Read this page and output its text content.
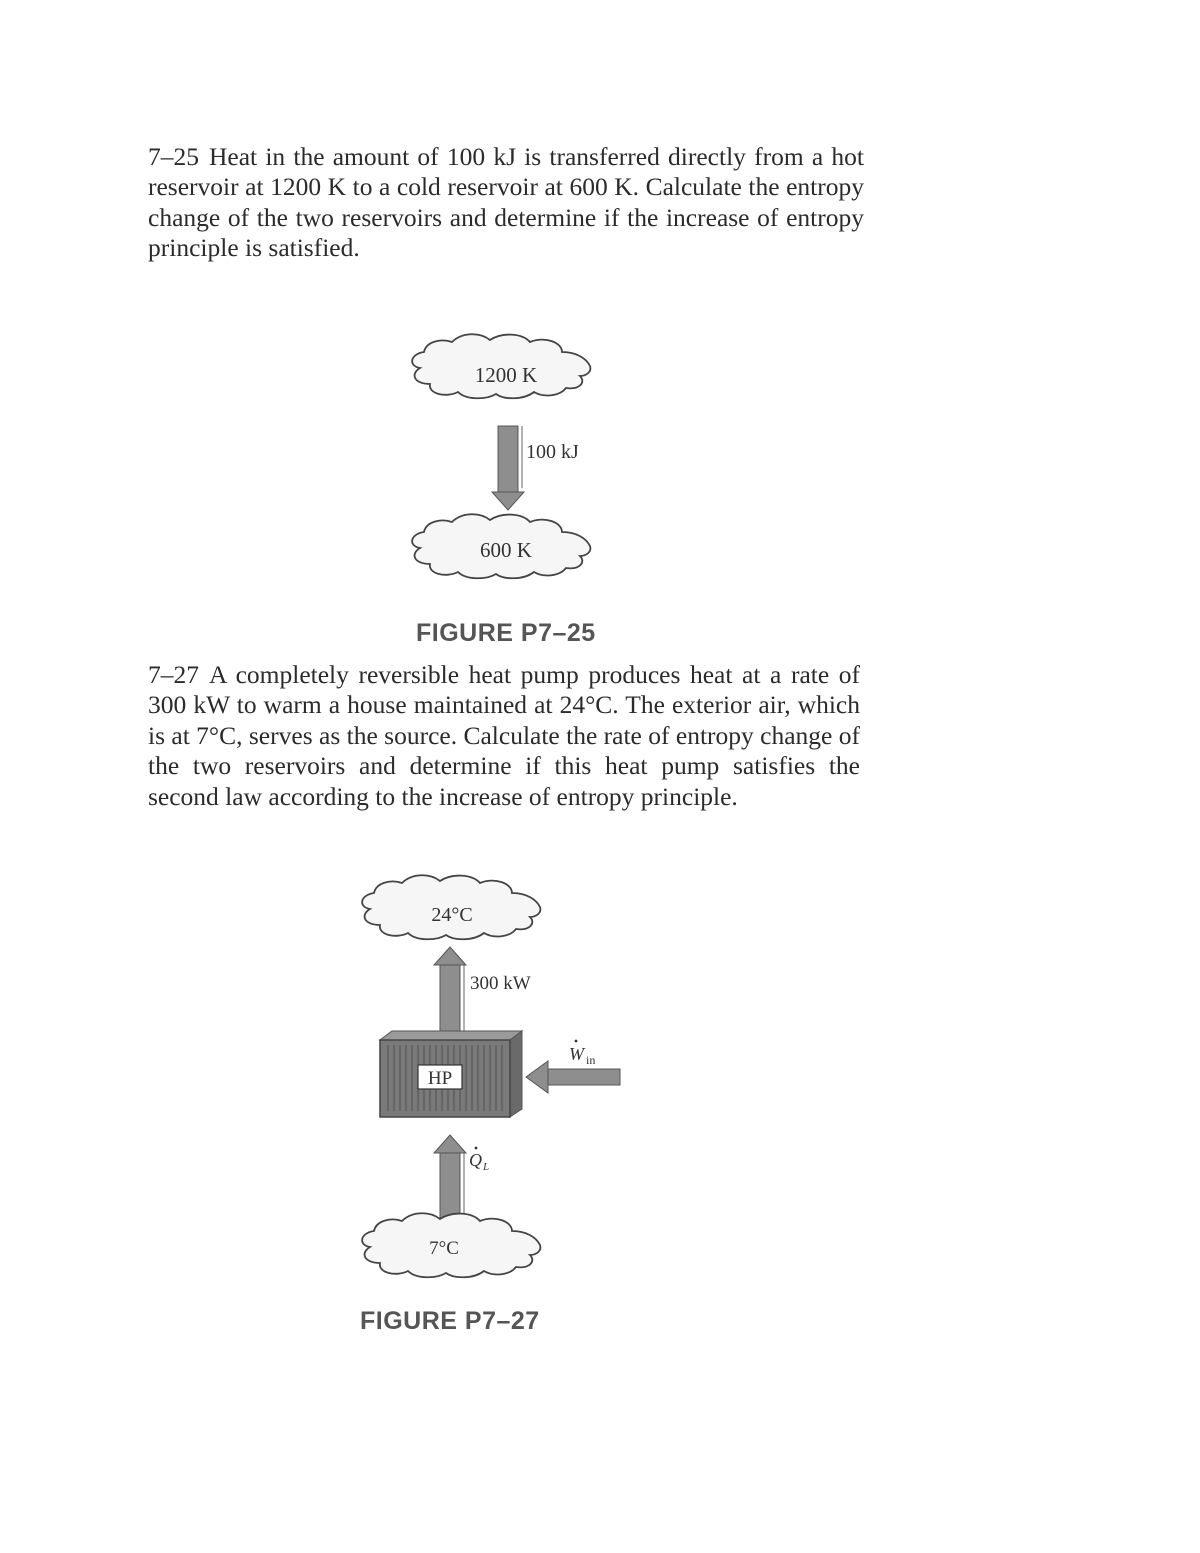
7–25 Heat in the amount of 100 kJ is transferred directly from a hot reservoir at 1200 K to a cold reservoir at 600 K. Calculate the entropy change of the two reservoirs and determine if the increase of entropy principle is satisfied.

1200 K
100 kJ
600 K

FIGURE P7–25

7–27 A completely reversible heat pump produces heat at a rate of 300 kW to warm a house maintained at 24°C. The exterior air, which is at 7°C, serves as the source. Calculate the rate of entropy change of the two reservoirs and determine if this heat pump satisfies the second law according to the increase of entropy principle.

24°C
300 kW
HP
W in
Q L
7°C

FIGURE P7–27
